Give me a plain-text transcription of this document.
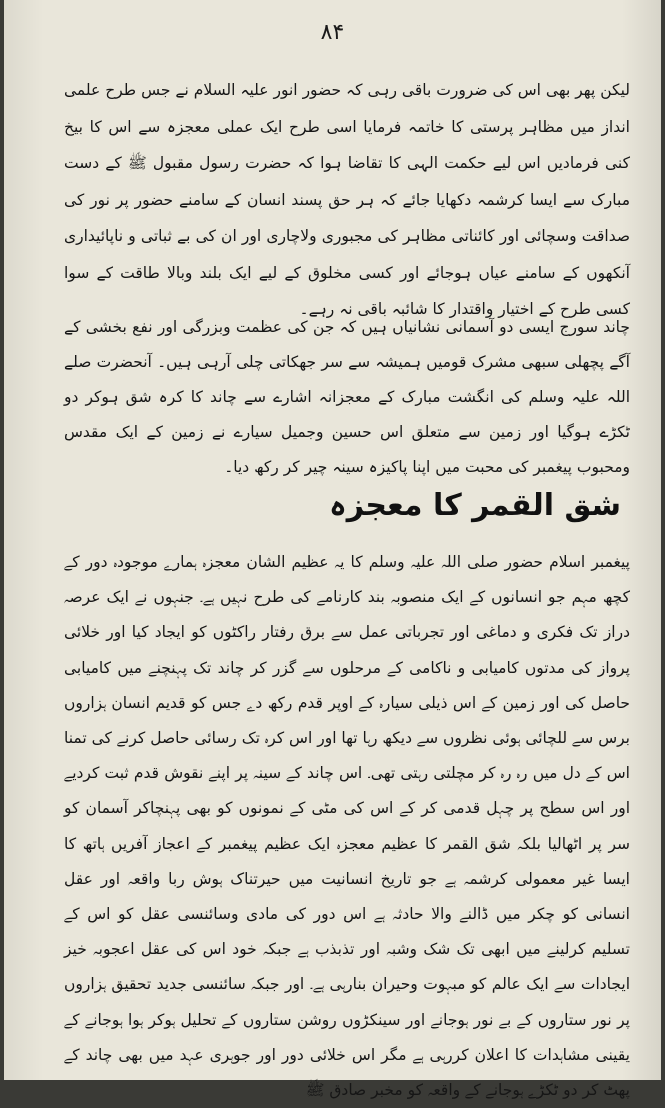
۸۴

لیکن پھر بھی اس کی ضرورت باقی رہی کہ حضور انور علیہ السلام نے جس طرح علمی انداز میں مظاہر پرستی کا خاتمہ فرمایا اسی طرح ایک عملی معجزہ سے اس کا بیخ کنی فرمادیں اس لیے حکمت الہی کا تقاضا ہوا کہ حضرت رسول مقبول ﷺ کے دست مبارک سے ایسا کرشمہ دکھایا جائے کہ ہر حق پسند انسان کے سامنے حضور پر نور کی صداقت وسچائی اور کائناتی مظاہر کی مجبوری ولاچاری اور ان کی بے ثباتی و ناپائیداری آنکھوں کے سامنے عیاں ہوجائے اور کسی مخلوق کے لیے ایک بلند وبالا طاقت کے سوا کسی طرح کے اختیار واقتدار کا شائبہ باقی نہ رہے۔

چاند سورج ایسی دو آسمانی نشانیاں ہیں کہ جن کی عظمت وبزرگی اور نفع بخشی کے آگے پچھلی سبھی مشرک قومیں ہمیشہ سے سر جھکاتی چلی آرہی ہیں۔ آنحضرت صلے اللہ علیہ وسلم کی انگشت مبارک کے معجزانہ اشارے سے چاند کا کرہ شق ہوکر دو ٹکڑے ہوگیا اور زمین سے متعلق اس حسین وجمیل سیارے نے زمین کے ایک مقدس ومحبوب پیغمبر کی محبت میں اپنا پاکیزہ سینہ چیر کر رکھ دیا۔

شق القمر کا معجزہ

پیغمبر اسلام حضور صلی اللہ علیہ وسلم کا یہ عظیم الشان معجزہ ہمارے موجودہ دور کے کچھ مہم جو انسانوں کے ایک منصوبہ بند کارنامے کی طرح نہیں ہے۔ جنہوں نے ایک عرصہ دراز تک فکری و دماغی اور تجرباتی عمل سے برق رفتار راکٹوں کو ایجاد کیا اور خلائی پرواز کی مدتوں کامیابی و ناکامی کے مرحلوں سے گزر کر چاند تک پہنچنے میں کامیابی حاصل کی اور زمین کے اس ذیلی سیارہ کے اوپر قدم رکھ دے جس کو قدیم انسان ہزاروں برس سے للچائی ہوئی نظروں سے دیکھ رہا تھا اور اس کرہ تک رسائی حاصل کرنے کی تمنا اس کے دل میں رہ رہ کر مچلتی رہتی تھی۔ اس چاند کے سینہ پر اپنے نقوش قدم ثبت کردیے اور اس سطح پر چہل قدمی کر کے اس کی مٹی کے نمونوں کو بھی پہنچاکر آسمان کو سر پر اٹھالیا بلکہ شق القمر کا عظیم معجزہ ایک عظیم پیغمبر کے اعجاز آفریں ہاتھ کا ایسا غیر معمولی کرشمہ ہے جو تاریخ انسانیت میں حیرتناک ہوش ربا واقعہ اور عقل انسانی کو چکر میں ڈالنے والا حادثہ ہے اس دور کی مادی وسائنسی عقل کو اس کے تسلیم کرلینے میں ابھی تک شک وشبہ اور تذبذب ہے جبکہ خود اس کی عقل اعجوبہ خیز ایجادات سے ایک عالم کو مبہوت وحیران بنارہی ہے۔ اور جبکہ سائنسی جدید تحقیق ہزاروں پر نور ستاروں کے بے نور ہوجانے اور سینکڑوں روشن ستاروں کے تحلیل ہوکر ہوا ہوجانے کے یقینی مشاہدات کا اعلان کررہی ہے مگر اس خلائی دور اور جوہری عہد میں بھی چاند کے پھٹ کر دو ٹکڑے ہوجانے کے واقعہ کو مخبر صادق ﷺ
